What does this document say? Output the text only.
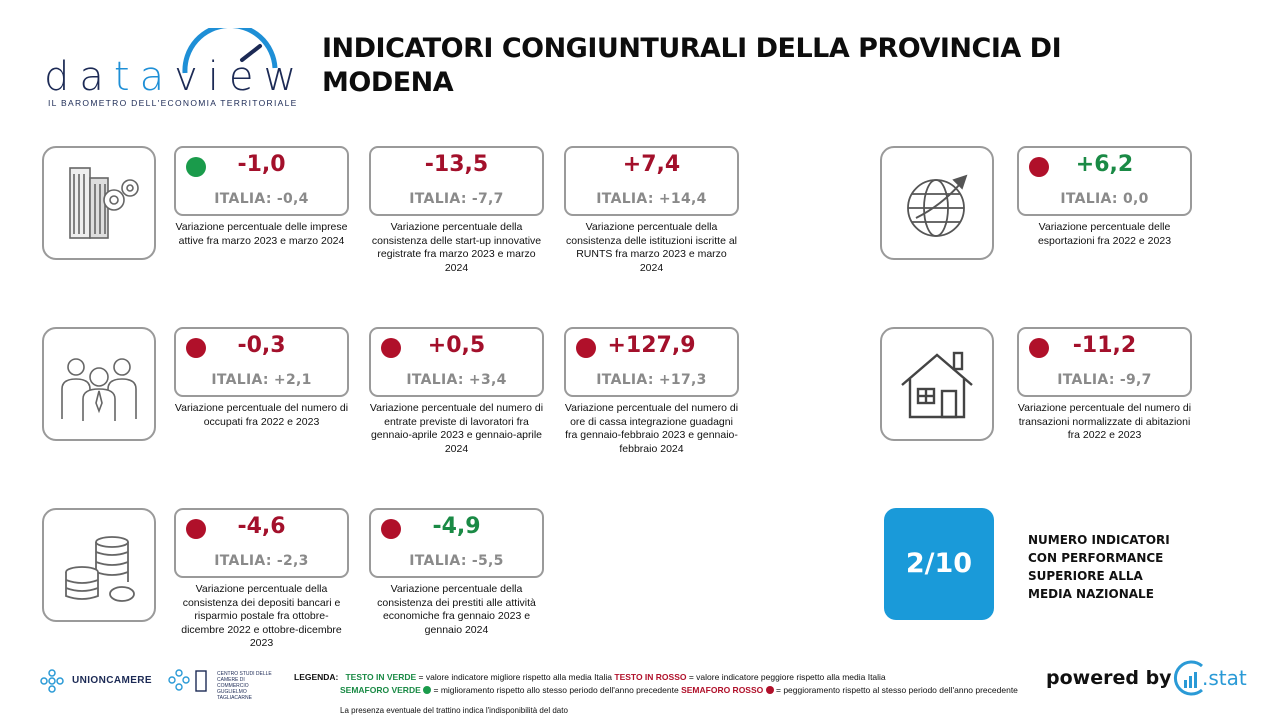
dataview
IL BAROMETRO DELL'ECONOMIA TERRITORIALE
INDICATORI CONGIUNTURALI DELLA PROVINCIA DI MODENA
-1,0
ITALIA: -0,4
Variazione percentuale delle imprese attive fra marzo 2023 e marzo 2024
-13,5
ITALIA: -7,7
Variazione percentuale della consistenza delle start-up innovative registrate fra marzo 2023 e marzo 2024
+7,4
ITALIA: +14,4
Variazione percentuale della consistenza delle istituzioni iscritte al RUNTS fra marzo 2023 e marzo 2024
+6,2
ITALIA: 0,0
Variazione percentuale delle esportazioni fra 2022 e 2023
-0,3
ITALIA: +2,1
Variazione percentuale del numero di occupati fra 2022 e 2023
+0,5
ITALIA: +3,4
Variazione percentuale del numero di entrate previste di lavoratori fra gennaio-aprile 2023 e gennaio-aprile 2024
+127,9
ITALIA: +17,3
Variazione percentuale del numero di ore di cassa integrazione guadagni fra gennaio-febbraio 2023 e gennaio-febbraio 2024
-11,2
ITALIA: -9,7
Variazione percentuale del numero di transazioni normalizzate di abitazioni fra 2022 e 2023
-4,6
ITALIA: -2,3
Variazione percentuale della consistenza dei depositi bancari e risparmio postale fra ottobre-dicembre 2022 e ottobre-dicembre 2023
-4,9
ITALIA: -5,5
Variazione percentuale della consistenza dei prestiti alle attività economiche fra gennaio 2023 e gennaio 2024
2/10
NUMERO INDICATORI CON PERFORMANCE SUPERIORE ALLA MEDIA NAZIONALE
UNIONCAMERE
CENTRO STUDI DELLE CAMERE DI COMMERCIO GUGLIELMO TAGLIACARNE
LEGENDA: TESTO IN VERDE = valore indicatore migliore rispetto alla media Italia TESTO IN ROSSO = valore indicatore peggiore rispetto alla media Italia
SEMAFORO VERDE  = miglioramento rispetto allo stesso periodo dell'anno precedente SEMAFORO ROSSO  = peggioramento rispetto al stesso periodo dell'anno precedente
La presenza eventuale del trattino indica l'indisponibilità del dato
powered by .stat
